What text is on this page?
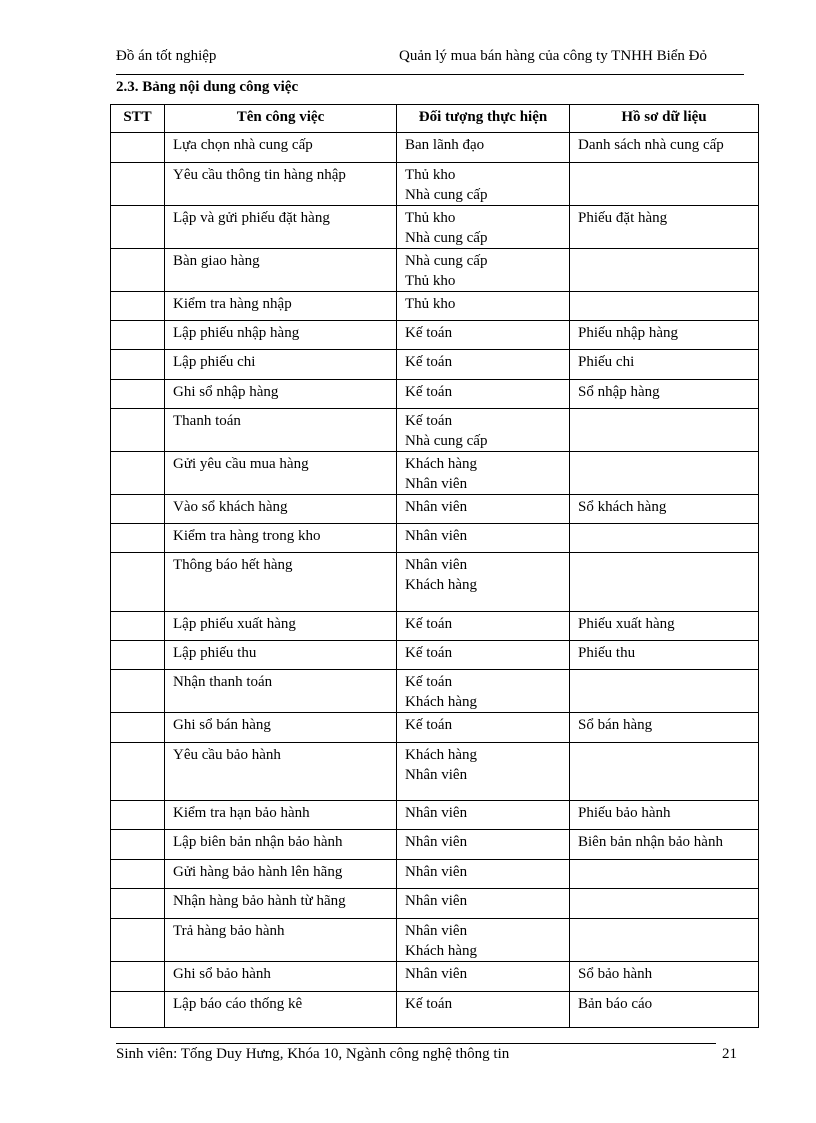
Đồ án tốt nghiệp	Quản lý mua bán hàng của công ty TNHH Biển Đỏ
2.3. Bảng nội dung công việc
STT	Tên công việc	Đối tượng thực hiện	Hồ sơ dữ liệu
	Lựa chọn nhà cung cấp	Ban lãnh đạo	Danh sách nhà cung cấp
	Yêu cầu thông tin hàng nhập	Thủ kho
Nhà cung cấp	
	Lập và gửi phiếu đặt hàng	Thủ kho
Nhà cung cấp	Phiếu đặt hàng
	Bàn giao hàng	Nhà cung cấp
Thủ kho	
	Kiểm tra hàng nhập	Thủ kho	
	Lập phiếu nhập hàng	Kế toán	Phiếu nhập hàng
	Lập phiếu chi	Kế toán	Phiếu chi
	Ghi sổ nhập hàng	Kế toán	Sổ nhập hàng
	Thanh toán	Kế toán
Nhà cung cấp	
	Gửi yêu cầu mua hàng	Khách hàng
Nhân viên	
	Vào sổ khách hàng	Nhân viên	Sổ khách hàng
	Kiểm tra hàng trong kho	Nhân viên	
	Thông báo hết hàng	Nhân viên
Khách hàng	
	Lập phiếu xuất hàng	Kế toán	Phiếu xuất hàng
	Lập phiếu thu	Kế toán	Phiếu thu
	Nhận thanh toán	Kế toán
Khách hàng	
	Ghi sổ bán hàng	Kế toán	Sổ bán hàng
	Yêu cầu bảo hành	Khách hàng
Nhân viên	
	Kiểm tra hạn bảo hành	Nhân viên	Phiếu bảo hành
	Lập biên bản nhận bảo hành	Nhân viên	Biên bản nhận bảo hành
	Gửi hàng bảo hành lên hãng	Nhân viên	
	Nhận hàng bảo hành từ hãng	Nhân viên	
	Trả hàng bảo hành	Nhân viên
Khách hàng	
	Ghi sổ bảo hành	Nhân viên	Sổ bảo hành
	Lập báo cáo thống kê	Kế toán	Bản báo cáo
Sinh viên: Tống Duy Hưng, Khóa 10, Ngành công nghệ thông tin	21
